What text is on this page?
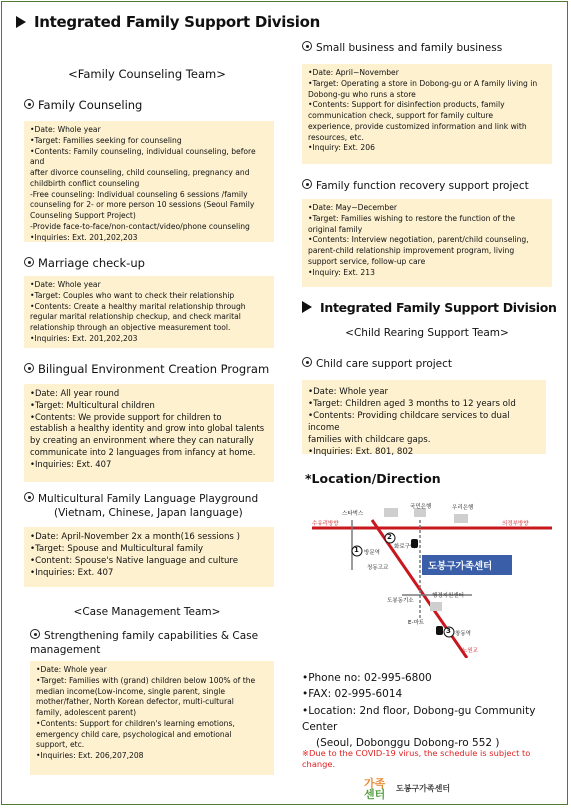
Integrated Family Support Division
<Family Counseling Team>
Family Counseling
•Date: Whole year
•Target: Families seeking for counseling
•Contents: Family counseling, individual counseling, before and
after divorce counseling, child counseling, pregnancy and
childbirth conflict counseling
-Free counseling: Individual counseling 6 sessions /family
counseling for 2- or more person 10 sessions (Seoul Family
Counseling Support Project)
-Provide face-to-face/non-contact/video/phone counseling
•Inquiries: Ext. 201,202,203
Marriage check-up
•Date: Whole year
•Target: Couples who want to check their relationship
•Contents: Create a healthy marital relationship through
regular marital relationship checkup, and check marital
relationship through an objective measurement tool.
•Inquiries: Ext. 201,202,203
Bilingual Environment Creation Program
•Date: All year round
•Target: Multicultural children
•Contents: We provide support for children to
establish a healthy identity and grow into global talents
by creating an environment where they can naturally
communicate into 2 languages from infancy at home.
•Inquiries: Ext. 407
Multicultural Family Language Playground
(Vietnam, Chinese, Japan language)
•Date: April-November 2x a month(16 sessions )
•Target: Spouse and Multicultural family
•Content: Spouse's Native language and culture
•Inquiries: Ext. 407
<Case Management Team>
Strengthening family capabilities & Case
management
•Date: Whole year
•Target: Families with (grand) children below 100% of the
median income(Low-income, single parent, single
mother/father, North Korean defector, multi-cultural
family, adolescent parent)
•Contents: Support for children's learning emotions,
emergency child care, psychological and emotional
support, etc.
•Inquiries: Ext. 206,207,208
Small business and family business
•Date: April~November
•Target: Operating a store in Dobong-gu or A family living in
Dobong-gu who runs a store
•Contents: Support for disinfection products, family
communication check, support for family culture
experience, provide customized information and link with
resources, etc.
•Inquiry: Ext. 206
Family function recovery support project
•Date: May~December
•Target: Families wishing to restore the function of the
original family
•Contents: Interview negotiation, parent/child counseling,
parent-child relationship improvement program, living
support service, follow-up care
•Inquiry: Ext. 213
Integrated Family Support Division
<Child Rearing Support Team>
Child care support project
•Date: Whole year
•Target: Children aged 3 months to 12 years old
•Contents: Providing childcare services to dual income
families with childcare gaps.
•Inquiries: Ext. 801, 802
*Location/Direction
도봉구가족센터
1
2
3
국민은행
스타벅스
수유리방향
우리은행
의정부방향
방문역
청동고교
화로구이
도봉동기소
행정지원센터
E-마트
창동역
노원교
•Phone no: 02-995-6800
•FAX: 02-995-6014
•Location: 2nd floor, Dobong-gu Community
Center
(Seoul, Dobonggu Dobong-ro 552 )
※Due to the COVID-19 virus, the schedule is subject to
change.
가족
센터 도봉구가족센터
